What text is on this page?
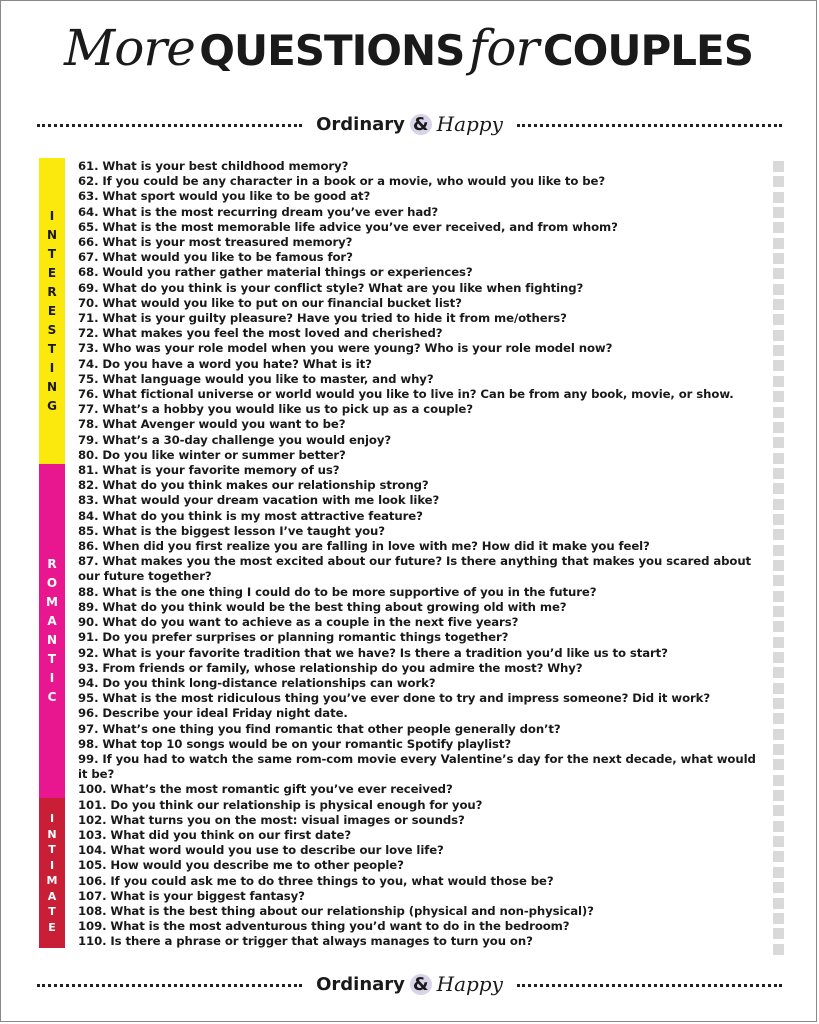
More QUESTIONS for COUPLES
Ordinary & Happy
I
N
T
E
R
E
S
T
I
N
G
R
O
M
A
N
T
I
C
I
N
T
I
M
A
T
E
61. What is your best childhood memory?
62. If you could be any character in a book or a movie, who would you like to be?
63. What sport would you like to be good at?
64. What is the most recurring dream you’ve ever had?
65. What is the most memorable life advice you’ve ever received, and from whom?
66. What is your most treasured memory?
67. What would you like to be famous for?
68. Would you rather gather material things or experiences?
69. What do you think is your conflict style? What are you like when fighting?
70. What would you like to put on our financial bucket list?
71. What is your guilty pleasure? Have you tried to hide it from me/others?
72. What makes you feel the most loved and cherished?
73. Who was your role model when you were young? Who is your role model now?
74. Do you have a word you hate? What is it?
75. What language would you like to master, and why?
76. What fictional universe or world would you like to live in? Can be from any book, movie, or show.
77. What’s a hobby you would like us to pick up as a couple?
78. What Avenger would you want to be?
79. What’s a 30-day challenge you would enjoy?
80. Do you like winter or summer better?
81. What is your favorite memory of us?
82. What do you think makes our relationship strong?
83. What would your dream vacation with me look like?
84. What do you think is my most attractive feature?
85. What is the biggest lesson I’ve taught you?
86. When did you first realize you are falling in love with me? How did it make you feel?
87. What makes you the most excited about our future? Is there anything that makes you scared about our future together?
88. What is the one thing I could do to be more supportive of you in the future?
89. What do you think would be the best thing about growing old with me?
90. What do you want to achieve as a couple in the next five years?
91. Do you prefer surprises or planning romantic things together?
92. What is your favorite tradition that we have? Is there a tradition you’d like us to start?
93. From friends or family, whose relationship do you admire the most? Why?
94. Do you think long-distance relationships can work?
95. What is the most ridiculous thing you’ve ever done to try and impress someone? Did it work?
96. Describe your ideal Friday night date.
97. What’s one thing you find romantic that other people generally don’t?
98. What top 10 songs would be on your romantic Spotify playlist?
99. If you had to watch the same rom-com movie every Valentine’s day for the next decade, what would it be?
100. What’s the most romantic gift you’ve ever received?
101. Do you think our relationship is physical enough for you?
102. What turns you on the most: visual images or sounds?
103. What did you think on our first date?
104. What word would you use to describe our love life?
105. How would you describe me to other people?
106. If you could ask me to do three things to you, what would those be?
107. What is your biggest fantasy?
108. What is the best thing about our relationship (physical and non-physical)?
109. What is the most adventurous thing you’d want to do in the bedroom?
110. Is there a phrase or trigger that always manages to turn you on?
Ordinary & Happy
